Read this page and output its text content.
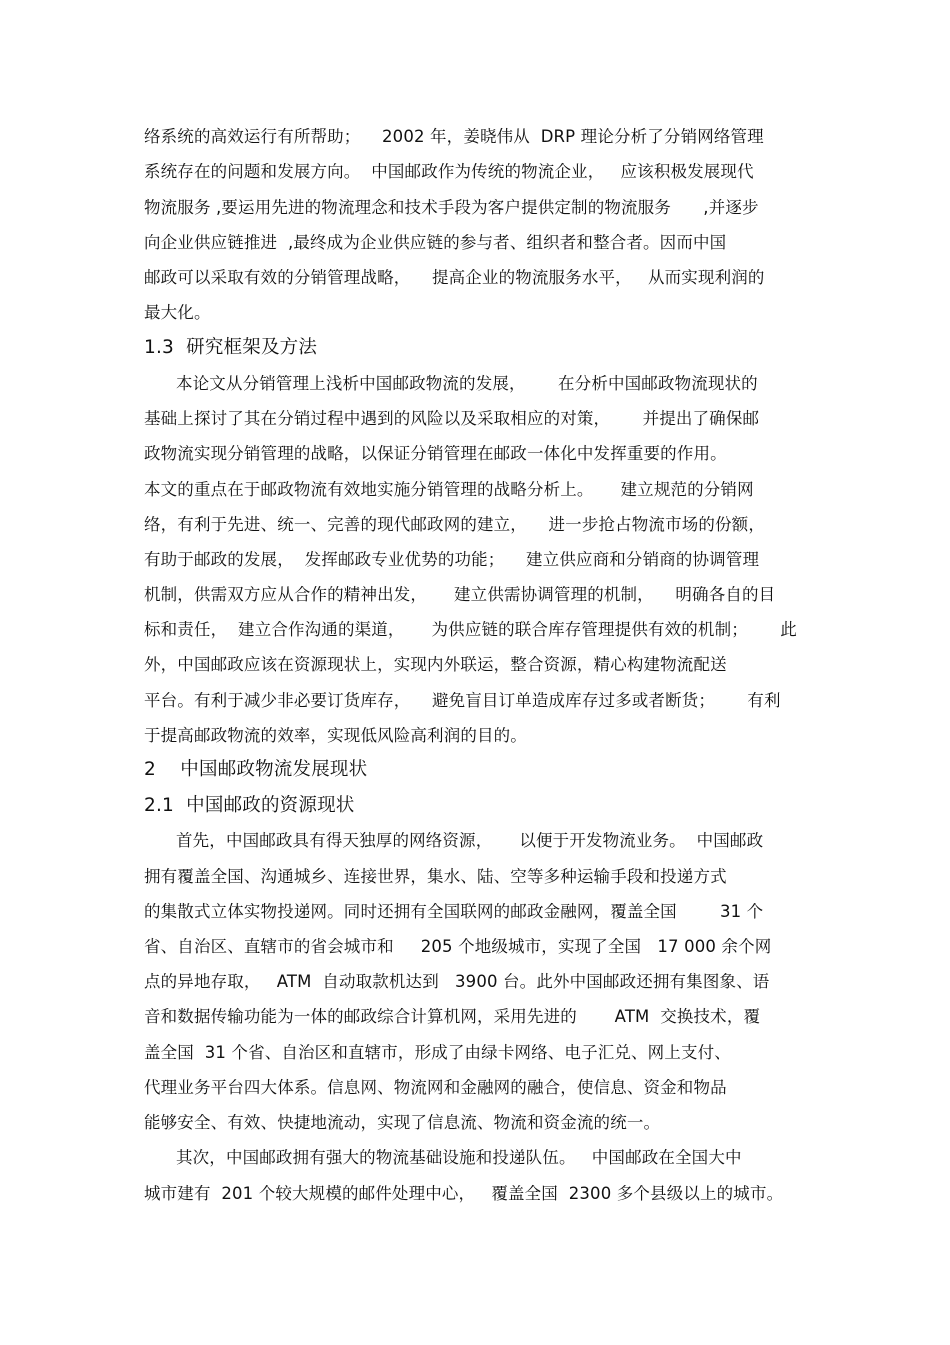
络系统的高效运行有所帮助；    2002 年，姜晓伟从  DRP 理论分析了分销网络管理
系统存在的问题和发展方向。  中国邮政作为传统的物流企业，   应该积极发展现代
物流服务 ,要运用先进的物流理念和技术手段为客户提供定制的物流服务      ,并逐步
向企业供应链推进  ,最终成为企业供应链的参与者、组织者和整合者。因而中国
邮政可以采取有效的分销管理战略，    提高企业的物流服务水平，   从而实现利润的
最大化。
1.3  研究框架及方法
本论文从分销管理上浅析中国邮政物流的发展，      在分析中国邮政物流现状的
基础上探讨了其在分销过程中遇到的风险以及采取相应的对策，      并提出了确保邮
政物流实现分销管理的战略，以保证分销管理在邮政一体化中发挥重要的作用。
本文的重点在于邮政物流有效地实施分销管理的战略分析上。     建立规范的分销网
络，有利于先进、统一、完善的现代邮政网的建立，    进一步抢占物流市场的份额，
有助于邮政的发展，  发挥邮政专业优势的功能；    建立供应商和分销商的协调管理
机制，供需双方应从合作的精神出发，     建立供需协调管理的机制，    明确各自的目
标和责任，  建立合作沟通的渠道，     为供应链的联合库存管理提供有效的机制；      此
外，中国邮政应该在资源现状上，实现内外联运，整合资源，精心构建物流配送
平台。有利于减少非必要订货库存，    避免盲目订单造成库存过多或者断货；      有利
于提高邮政物流的效率，实现低风险高利润的目的。
2    中国邮政物流发展现状
2.1  中国邮政的资源现状
首先，中国邮政具有得天独厚的网络资源，     以便于开发物流业务。  中国邮政
拥有覆盖全国、沟通城乡、连接世界，集水、陆、空等多种运输手段和投递方式
的集散式立体实物投递网。同时还拥有全国联网的邮政金融网，覆盖全国        31 个
省、自治区、直辖市的省会城市和     205 个地级城市，实现了全国   17 000 余个网
点的异地存取，   ATM  自动取款机达到   3900 台。此外中国邮政还拥有集图象、语
音和数据传输功能为一体的邮政综合计算机网，采用先进的       ATM  交换技术，覆
盖全国  31 个省、自治区和直辖市，形成了由绿卡网络、电子汇兑、网上支付、
代理业务平台四大体系。信息网、物流网和金融网的融合，使信息、资金和物品
能够安全、有效、快捷地流动，实现了信息流、物流和资金流的统一。
其次，中国邮政拥有强大的物流基础设施和投递队伍。   中国邮政在全国大中
城市建有  201 个较大规模的邮件处理中心，   覆盖全国  2300 多个县级以上的城市。
